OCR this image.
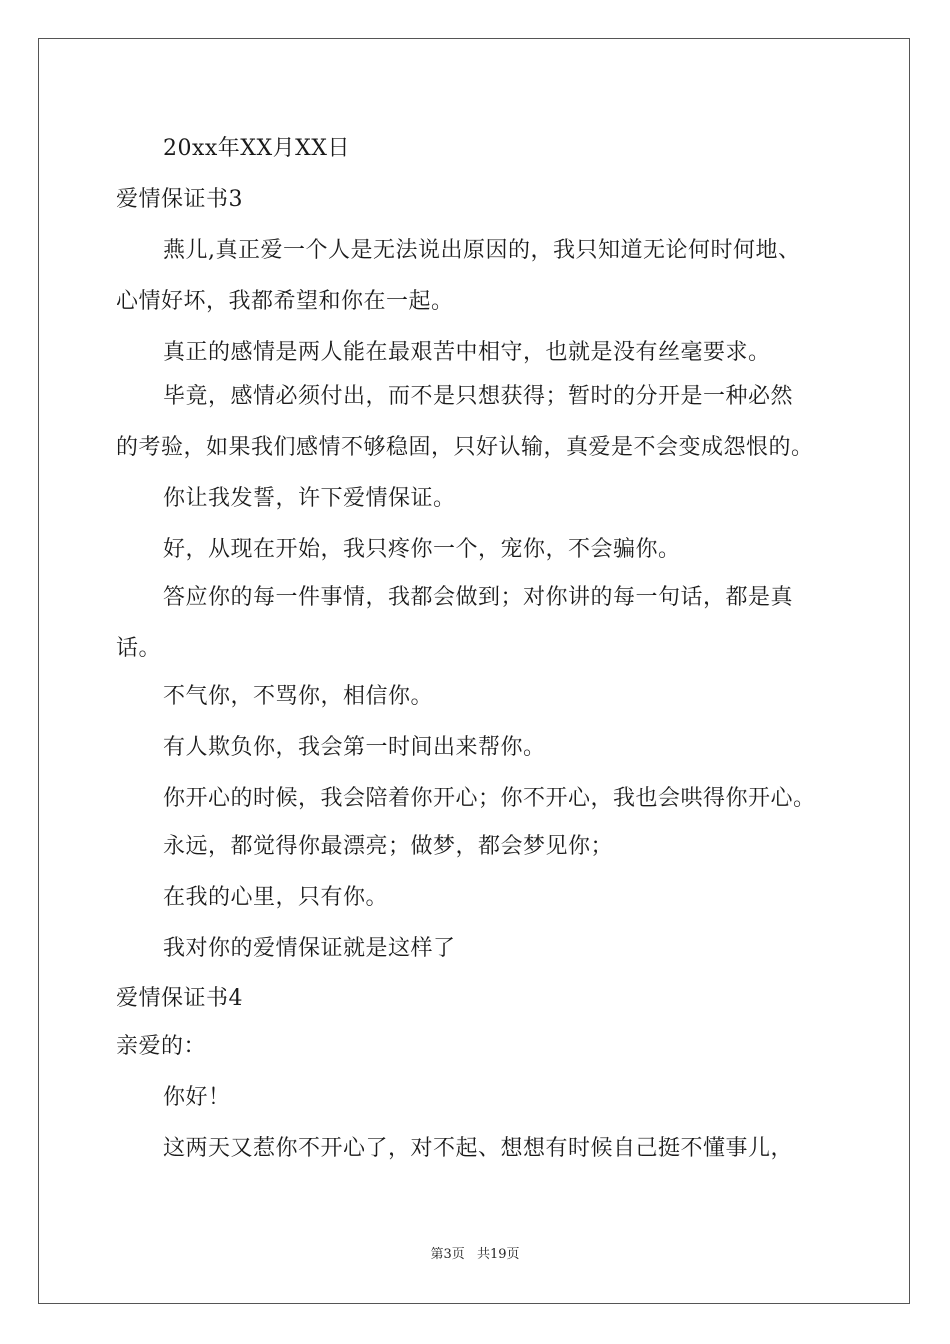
20xx年XX月XX日
爱情保证书3
燕儿,真正爱一个人是无法说出原因的，我只知道无论何时何地、
心情好坏，我都希望和你在一起。
真正的感情是两人能在最艰苦中相守，也就是没有丝毫要求。
毕竟，感情必须付出，而不是只想获得；暂时的分开是一种必然
的考验，如果我们感情不够稳固，只好认输，真爱是不会变成怨恨的。
你让我发誓，许下爱情保证。
好，从现在开始，我只疼你一个，宠你，不会骗你。
答应你的每一件事情，我都会做到；对你讲的每一句话，都是真
话。
不气你，不骂你，相信你。
有人欺负你，我会第一时间出来帮你。
你开心的时候，我会陪着你开心；你不开心，我也会哄得你开心。
永远，都觉得你最漂亮；做梦，都会梦见你；
在我的心里，只有你。
我对你的爱情保证就是这样了
爱情保证书4
亲爱的：
你好！
这两天又惹你不开心了，对不起、想想有时候自己挺不懂事儿，
第3页 共19页
